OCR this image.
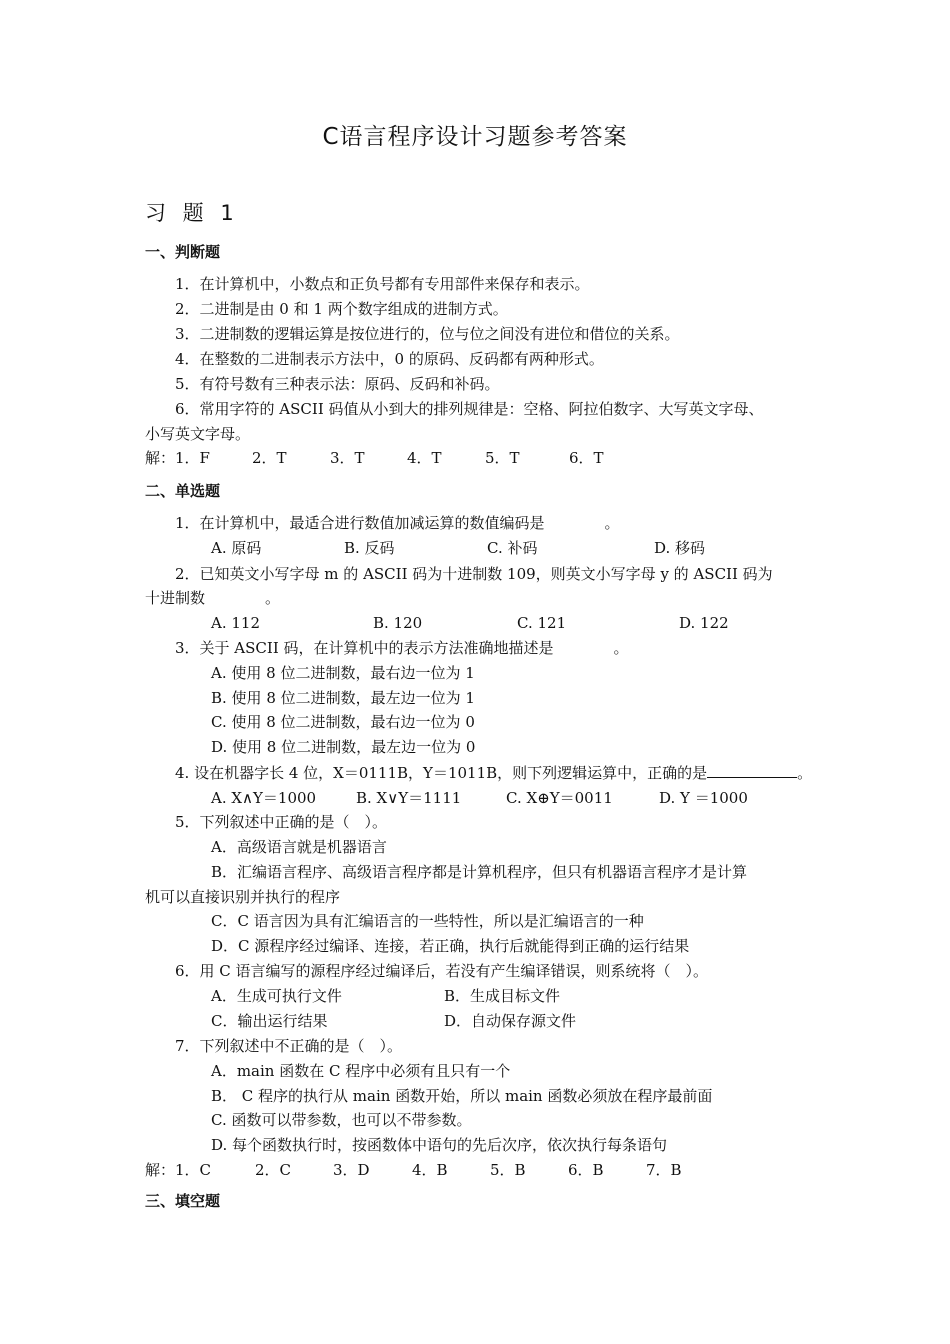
C语言程序设计习题参考答案
习 题 1
一、判断题
1．在计算机中，小数点和正负号都有专用部件来保存和表示。
2．二进制是由 0 和 1 两个数字组成的进制方式。
3．二进制数的逻辑运算是按位进行的，位与位之间没有进位和借位的关系。
4．在整数的二进制表示方法中，0 的原码、反码都有两种形式。
5．有符号数有三种表示法：原码、反码和补码。
6．常用字符的 ASCII 码值从小到大的排列规律是：空格、阿拉伯数字、大写英文字母、
小写英文字母。
解： 1．F	2．T	3．T	4．T	5．T	6．T
二、单选题
1．在计算机中，最适合进行数值加减运算的数值编码是	。
A. 原码	B. 反码	C. 补码	D. 移码
2．已知英文小写字母 m 的 ASCII 码为十进制数 109，则英文小写字母 y 的 ASCII 码为
十进制数	。
A. 112	B. 120	C. 121	D. 122
3．关于 ASCII 码，在计算机中的表示方法准确地描述是	。
A. 使用 8 位二进制数，最右边一位为 1
B. 使用 8 位二进制数，最左边一位为 1
C. 使用 8 位二进制数，最右边一位为 0
D. 使用 8 位二进制数，最左边一位为 0
4. 设在机器字长 4 位，X＝0111B，Y＝1011B，则下列逻辑运算中，正确的是	。
A. X∧Y＝1000	B. X∨Y＝1111	C. X⊕Y＝0011	D. Y ＝1000
5．下列叙述中正确的是（　）。
A．高级语言就是机器语言
B．汇编语言程序、高级语言程序都是计算机程序，但只有机器语言程序才是计算
机可以直接识别并执行的程序
C．C 语言因为具有汇编语言的一些特性，所以是汇编语言的一种
D．C 源程序经过编译、连接，若正确，执行后就能得到正确的运行结果
6．用 C 语言编写的源程序经过编译后，若没有产生编译错误，则系统将（　）。
A．生成可执行文件	B．生成目标文件
C．输出运行结果	D．自动保存源文件
7．下列叙述中不正确的是（　）。
A．main 函数在 C 程序中必须有且只有一个
B． C 程序的执行从 main 函数开始，所以 main 函数必须放在程序最前面
C. 函数可以带参数，也可以不带参数。
D. 每个函数执行时，按函数体中语句的先后次序，依次执行每条语句
解： 1．C	2．C	3．D	4．B	5．B	6．B	7．B
三、填空题
